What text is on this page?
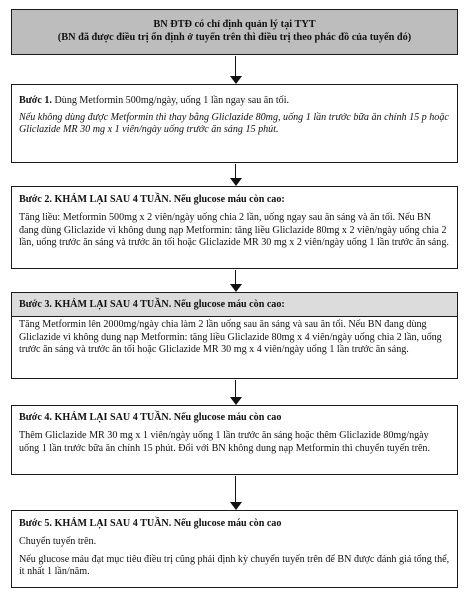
BN ĐTĐ có chỉ định quản lý tại TYT
(BN đã được điều trị ổn định ở tuyến trên thì điều trị theo phác đồ của tuyến đó)

Bước 1. Dùng Metformin 500mg/ngày, uống 1 lần ngay sau ăn tối.

Nếu không dùng được Metformin thì thay bằng Gliclazide 80mg, uống 1 lần trước bữa ăn chính 15 p hoặc Gliclazide MR 30 mg x 1 viên/ngày uống trước ăn sáng 15 phút.

Bước 2. KHÁM LẠI SAU 4 TUẦN. Nếu glucose máu còn cao:

Tăng liều: Metformin 500mg x 2 viên/ngày uống chia 2 lần, uống ngay sau ăn sáng và ăn tối. Nếu BN đang dùng Gliclazide vì không dung nạp Metformin: tăng liều Gliclazide 80mg x 2 viên/ngày uống chia 2 lần, uống trước ăn sáng và trước ăn tối hoặc Gliclazide MR 30 mg x 2 viên/ngày uống 1 lần trước ăn sáng.

Bước 3. KHÁM LẠI SAU 4 TUẦN. Nếu glucose máu còn cao:

Tăng Metformin lên 2000mg/ngày chia làm 2 lần uống sau ăn sáng và sau ăn tối. Nếu BN đang dùng Gliclazide vì không dung nạp Metformin: tăng liều Gliclazide 80mg x 4 viên/ngày uống chia 2 lần, uống trước ăn sáng và trước ăn tối hoặc Gliclazide MR 30 mg x 4 viên/ngày uống 1 lần trước ăn sáng.

Bước 4. KHÁM LẠI SAU 4 TUẦN. Nếu glucose máu còn cao

Thêm Gliclazide MR 30 mg x 1 viên/ngày uống 1 lần trước ăn sáng hoặc thêm Gliclazide 80mg/ngày uống 1 lần trước bữa ăn chính 15 phút. Đối với BN không dung nạp Metformin thì chuyển tuyến trên.

Bước 5. KHÁM LẠI SAU 4 TUẦN. Nếu glucose máu còn cao

Chuyển tuyến trên.

Nếu glucose máu đạt mục tiêu điều trị cũng phải định kỳ chuyển tuyến trên để BN được đánh giá tổng thể, ít nhất 1 lần/năm.
